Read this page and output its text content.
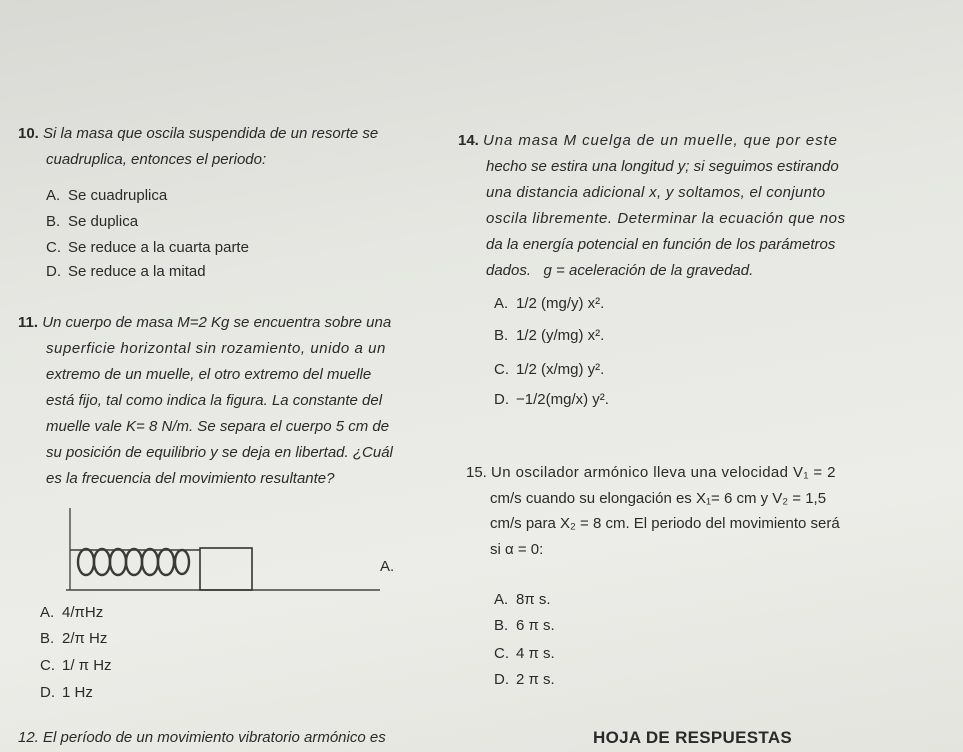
10. Si la masa que oscila suspendida de un resorte se
cuadruplica, entonces el periodo:
A. Se cuadruplica
B. Se duplica
C. Se reduce a la cuarta parte
D. Se reduce a la mitad
11. Un cuerpo de masa M=2 Kg se encuentra sobre una
superficie horizontal sin rozamiento, unido a un
extremo de un muelle, el otro extremo del muelle
está fijo, tal como indica la figura. La constante del
muelle vale K= 8 N/m. Se separa el cuerpo 5 cm de
su posición de equilibrio y se deja en libertad. ¿Cuál
es la frecuencia del movimiento resultante?
A.
A. 4/πHz
B. 2/π Hz
C. 1/ π Hz
D. 1 Hz
14. Una masa M cuelga de un muelle, que por este
hecho se estira una longitud y; si seguimos estirando
una distancia adicional x, y soltamos, el conjunto
oscila libremente. Determinar la ecuación que nos
da la energía potencial en función de los parámetros
dados.   g = aceleración de la gravedad.
A. 1/2 (mg/y) x².
B. 1/2 (y/mg) x².
C. 1/2 (x/mg) y².
D. −1/2(mg/x) y².
15. Un oscilador armónico lleva una velocidad V₁ = 2
cm/s cuando su elongación es X₁= 6 cm y V₂ = 1,5
cm/s para X₂ = 8 cm. El periodo del movimiento será
si α = 0:
A. 8π s.
B. 6 π s.
C. 4 π s.
D. 2 π s.
12. El período de un movimiento vibratorio armónico es	HOJA DE RESPUESTAS
